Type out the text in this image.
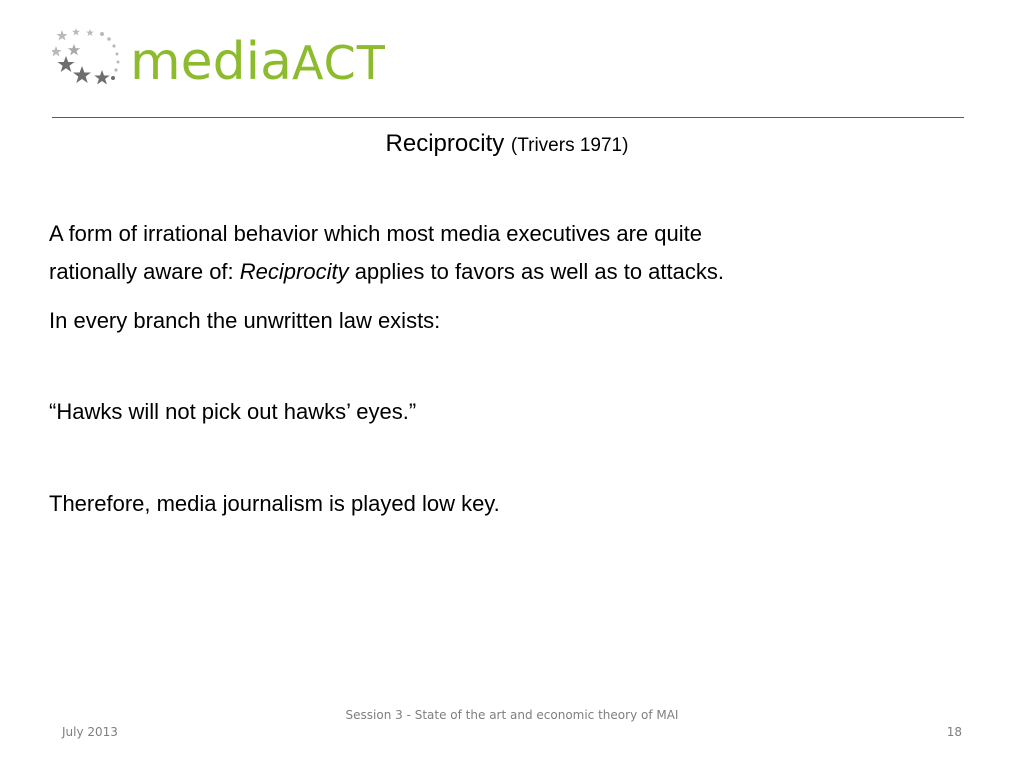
mediaACT
Reciprocity (Trivers 1971)
A form of irrational behavior which most media executives are quite
rationally aware of: Reciprocity applies to favors as well as to attacks.
In every branch the unwritten law exists:
“Hawks will not pick out hawks’ eyes.”
Therefore, media journalism is played low key.
Session 3 - State of the art and economic theory of MAI
July 2013	18
